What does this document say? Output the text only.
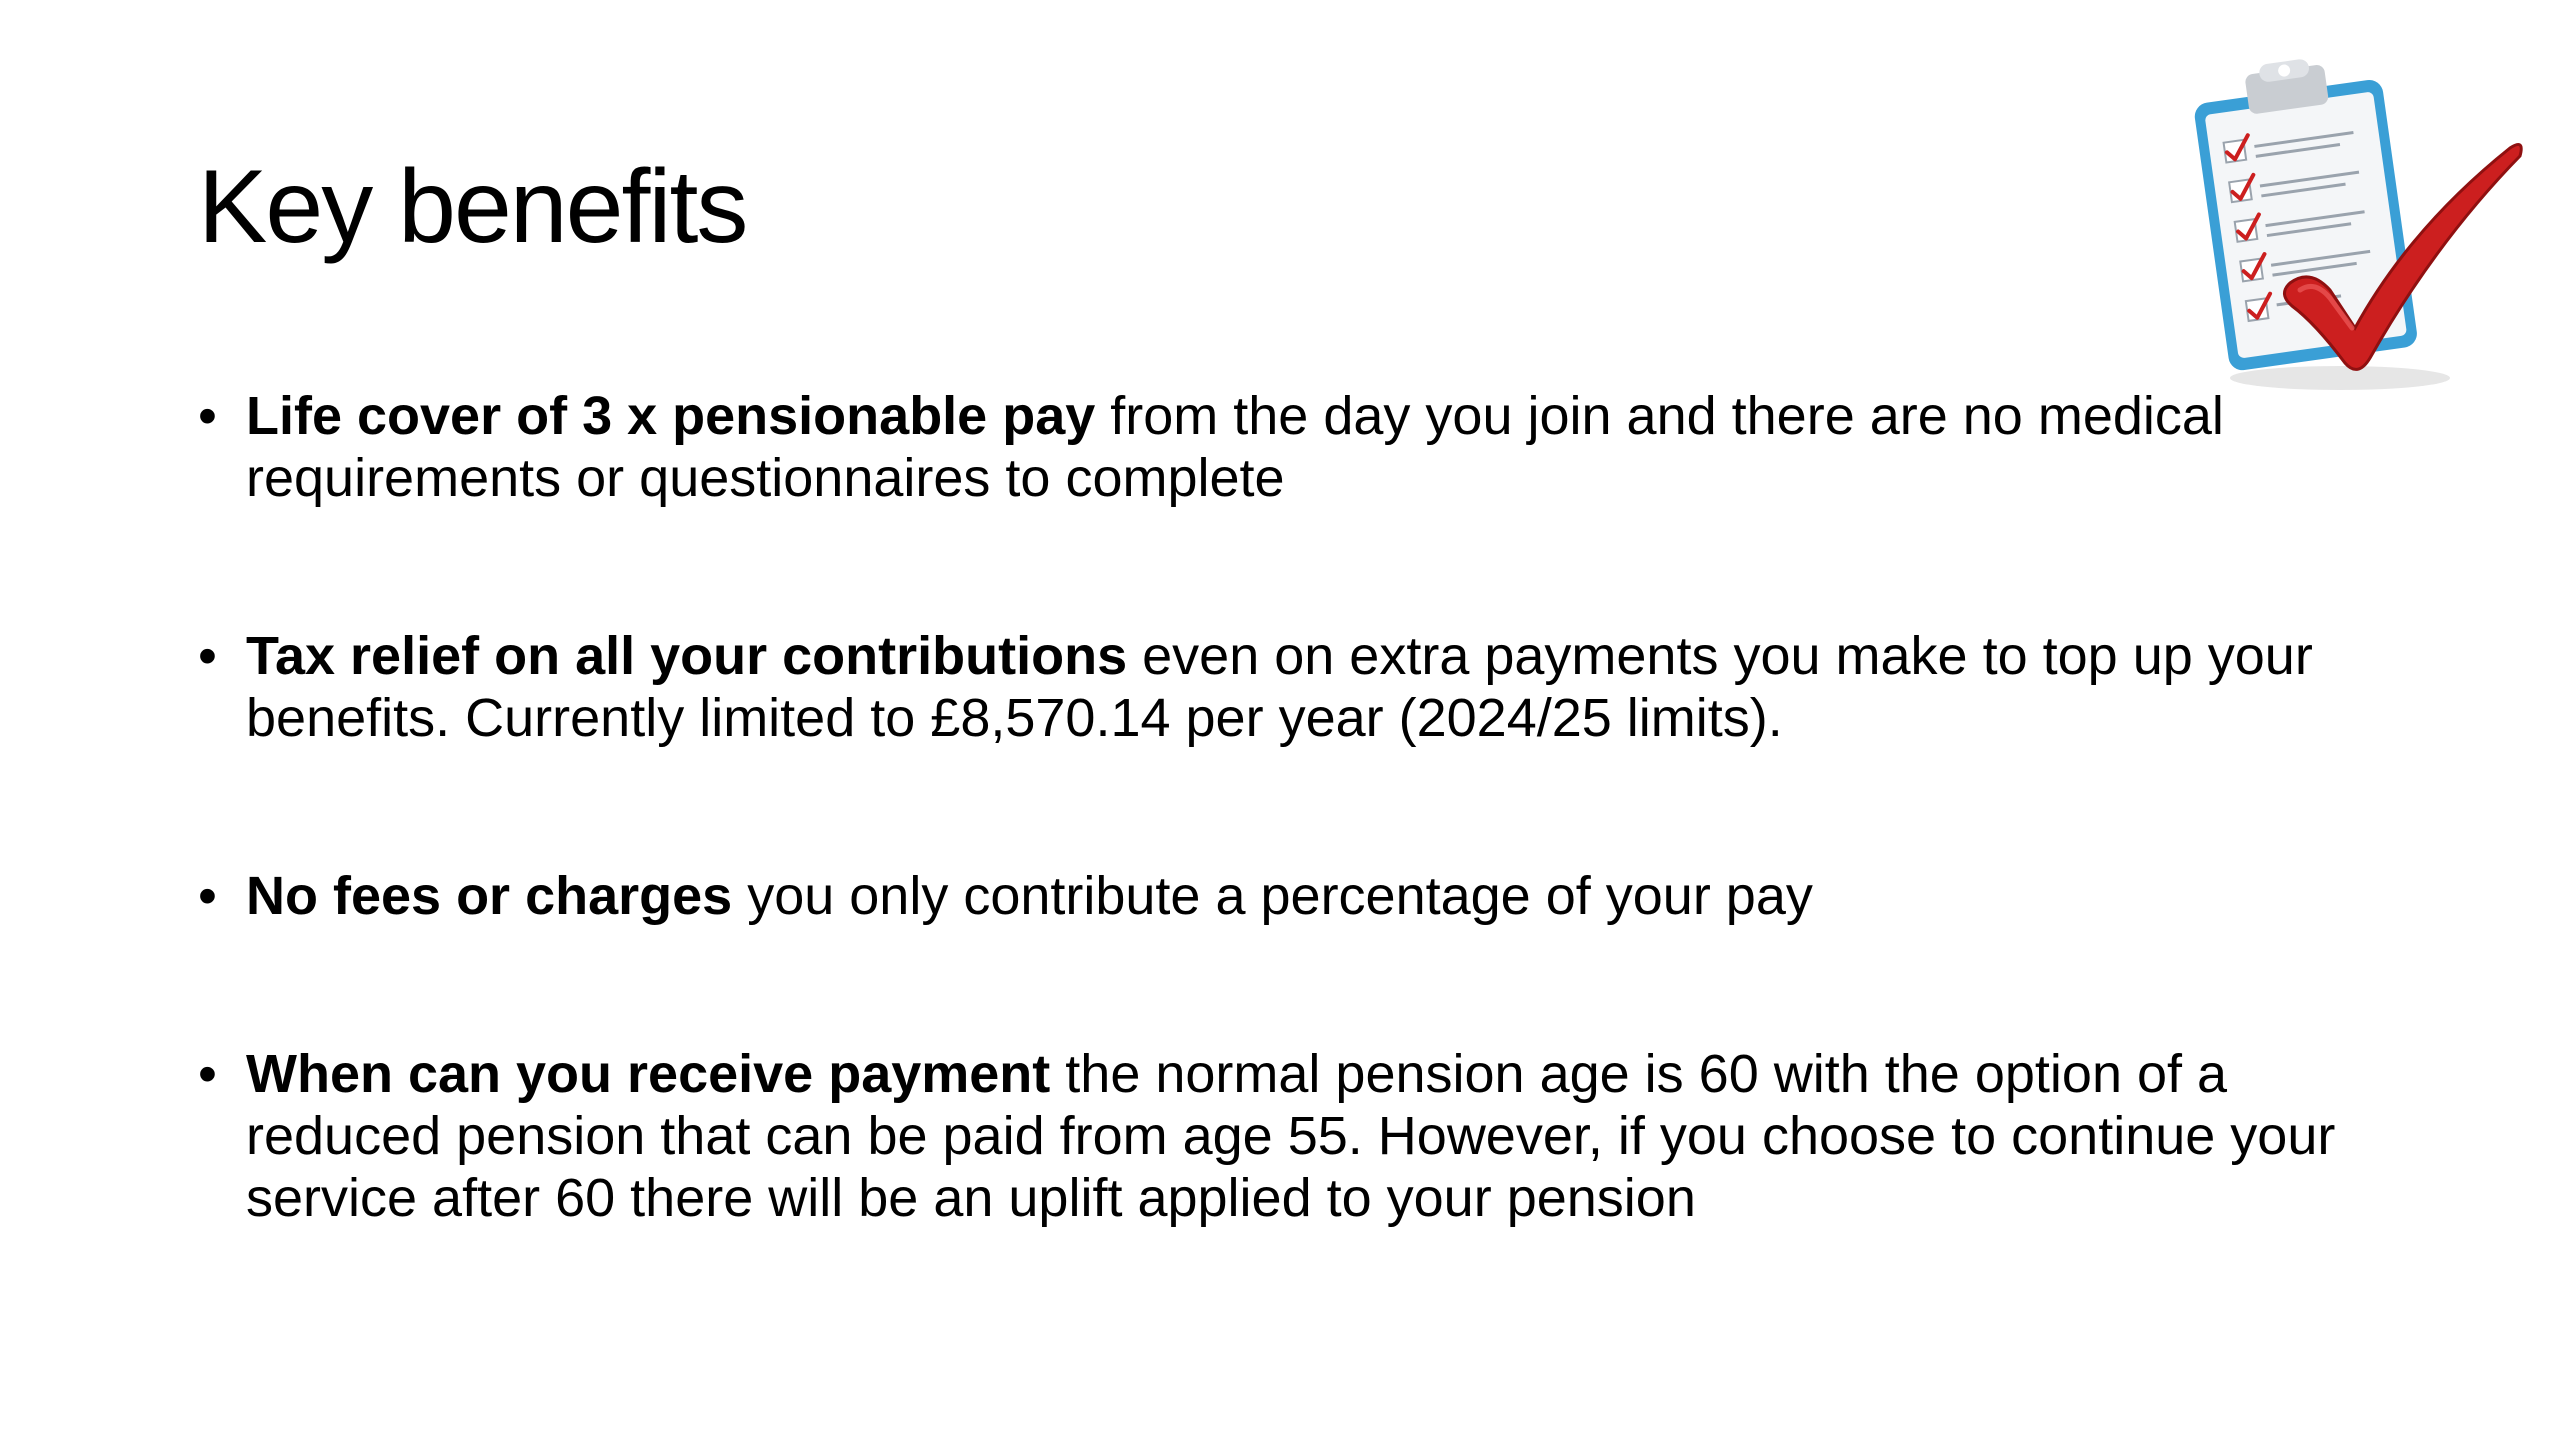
Key benefits
• Life cover of 3 x pensionable pay from the day you join and there are no medical requirements or questionnaires to complete
• Tax relief on all your contributions even on extra payments you make to top up your benefits. Currently limited to £8,570.14 per year (2024/25 limits).
• No fees or charges you only contribute a percentage of your pay
• When can you receive payment the normal pension age is 60 with the option of a reduced pension that can be paid from age 55. However, if you choose to continue your service after 60 there will be an uplift applied to your pension
